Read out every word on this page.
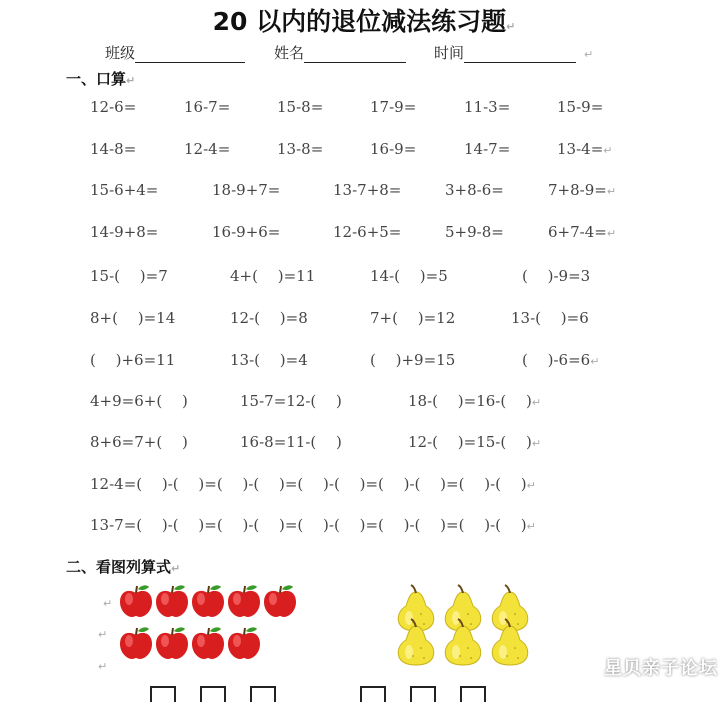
20 以内的退位减法练习题↵
班级	姓名	时间	↵
一、口算↵
12-6=	16-7=	15-8=	17-9=	11-3=	15-9=
14-8=	12-4=	13-8=	16-9=	14-7=	13-4=↵
15-6+4=	18-9+7=	13-7+8=	3+8-6=	7+8-9=↵
14-9+8=	16-9+6=	12-6+5=	5+9-8=	6+7-4=↵
15-(　 )=7	4+(　 )=11	14-(　 )=5	(　 )-9=3
8+(　 )=14	12-(　 )=8	7+(　 )=12	13-(　 )=6
(　 )+6=11	13-(　 )=4	(　 )+9=15	(　 )-6=6↵
4+9=6+(　 )	15-7=12-(　 )	18-(　 )=16-(　 )↵
8+6=7+(　 )	16-8=11-(　 )	12-(　 )=15-(　 )↵
12-4=(　 )-(　 )=(　 )-(　 )=(　 )-(　 )=(　 )-(　 )=(　 )-(　 )↵
13-7=(　 )-(　 )=(　 )-(　 )=(　 )-(　 )=(　 )-(　 )=(　 )-(　 )↵
二、看图列算式↵
↵
↵
↵	星贝亲子论坛
